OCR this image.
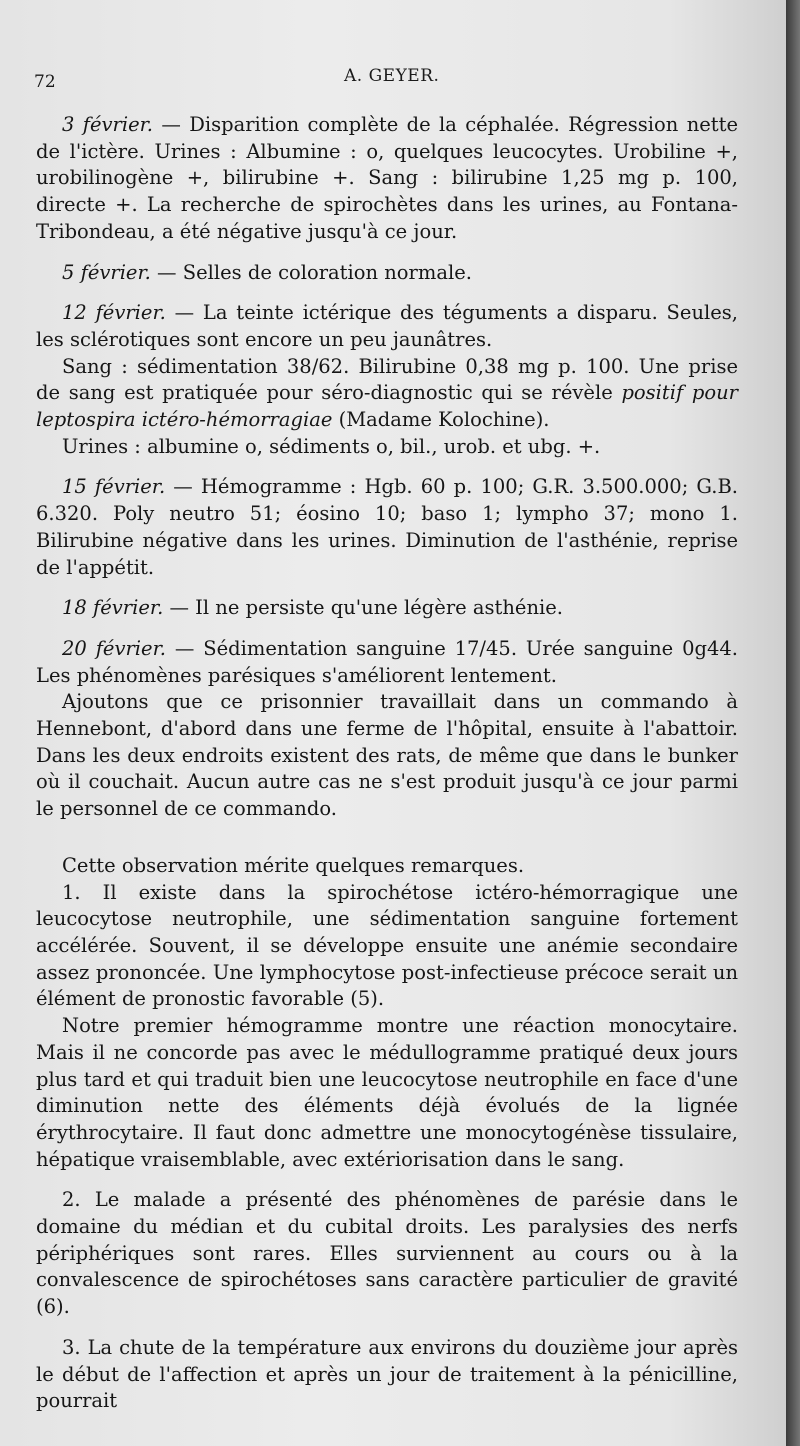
72	A. GEYER.

3 février. — Disparition complète de la céphalée. Régression nette de l'ictère. Urines : Albumine : o, quelques leucocytes. Urobiline +, urobilinogène +, bilirubine +. Sang : bilirubine 1,25 mg p. 100, directe +. La recherche de spirochètes dans les urines, au Fontana-Tribondeau, a été négative jusqu'à ce jour.

5 février. — Selles de coloration normale.

12 février. — La teinte ictérique des téguments a disparu. Seules, les sclérotiques sont encore un peu jaunâtres.

Sang : sédimentation 38/62. Bilirubine 0,38 mg p. 100. Une prise de sang est pratiquée pour séro-diagnostic qui se révèle positif pour leptospira ictéro-hémorragiae (Madame Kolochine).

Urines : albumine o, sédiments o, bil., urob. et ubg. +.

15 février. — Hémogramme : Hgb. 60 p. 100; G.R. 3.500.000; G.B. 6.320. Poly neutro 51; éosino 10; baso 1; lympho 37; mono 1. Bilirubine négative dans les urines. Diminution de l'asthénie, reprise de l'appétit.

18 février. — Il ne persiste qu'une légère asthénie.

20 février. — Sédimentation sanguine 17/45. Urée sanguine 0g44. Les phénomènes parésiques s'améliorent lentement.

Ajoutons que ce prisonnier travaillait dans un commando à Hennebont, d'abord dans une ferme de l'hôpital, ensuite à l'abattoir. Dans les deux endroits existent des rats, de même que dans le bunker où il couchait. Aucun autre cas ne s'est produit jusqu'à ce jour parmi le personnel de ce commando.

Cette observation mérite quelques remarques.

1. Il existe dans la spirochétose ictéro-hémorragique une leucocytose neutrophile, une sédimentation sanguine fortement accélérée. Souvent, il se développe ensuite une anémie secondaire assez prononcée. Une lymphocytose post-infectieuse précoce serait un élément de pronostic favorable (5).

Notre premier hémogramme montre une réaction monocytaire. Mais il ne concorde pas avec le médullogramme pratiqué deux jours plus tard et qui traduit bien une leucocytose neutrophile en face d'une diminution nette des éléments déjà évolués de la lignée érythrocytaire. Il faut donc admettre une monocytogénèse tissulaire, hépatique vraisemblable, avec extériorisation dans le sang.

2. Le malade a présenté des phénomènes de parésie dans le domaine du médian et du cubital droits. Les paralysies des nerfs périphériques sont rares. Elles surviennent au cours ou à la convalescence de spirochétoses sans caractère particulier de gravité (6).

3. La chute de la température aux environs du douzième jour après le début de l'affection et après un jour de traitement à la pénicilline, pourrait
